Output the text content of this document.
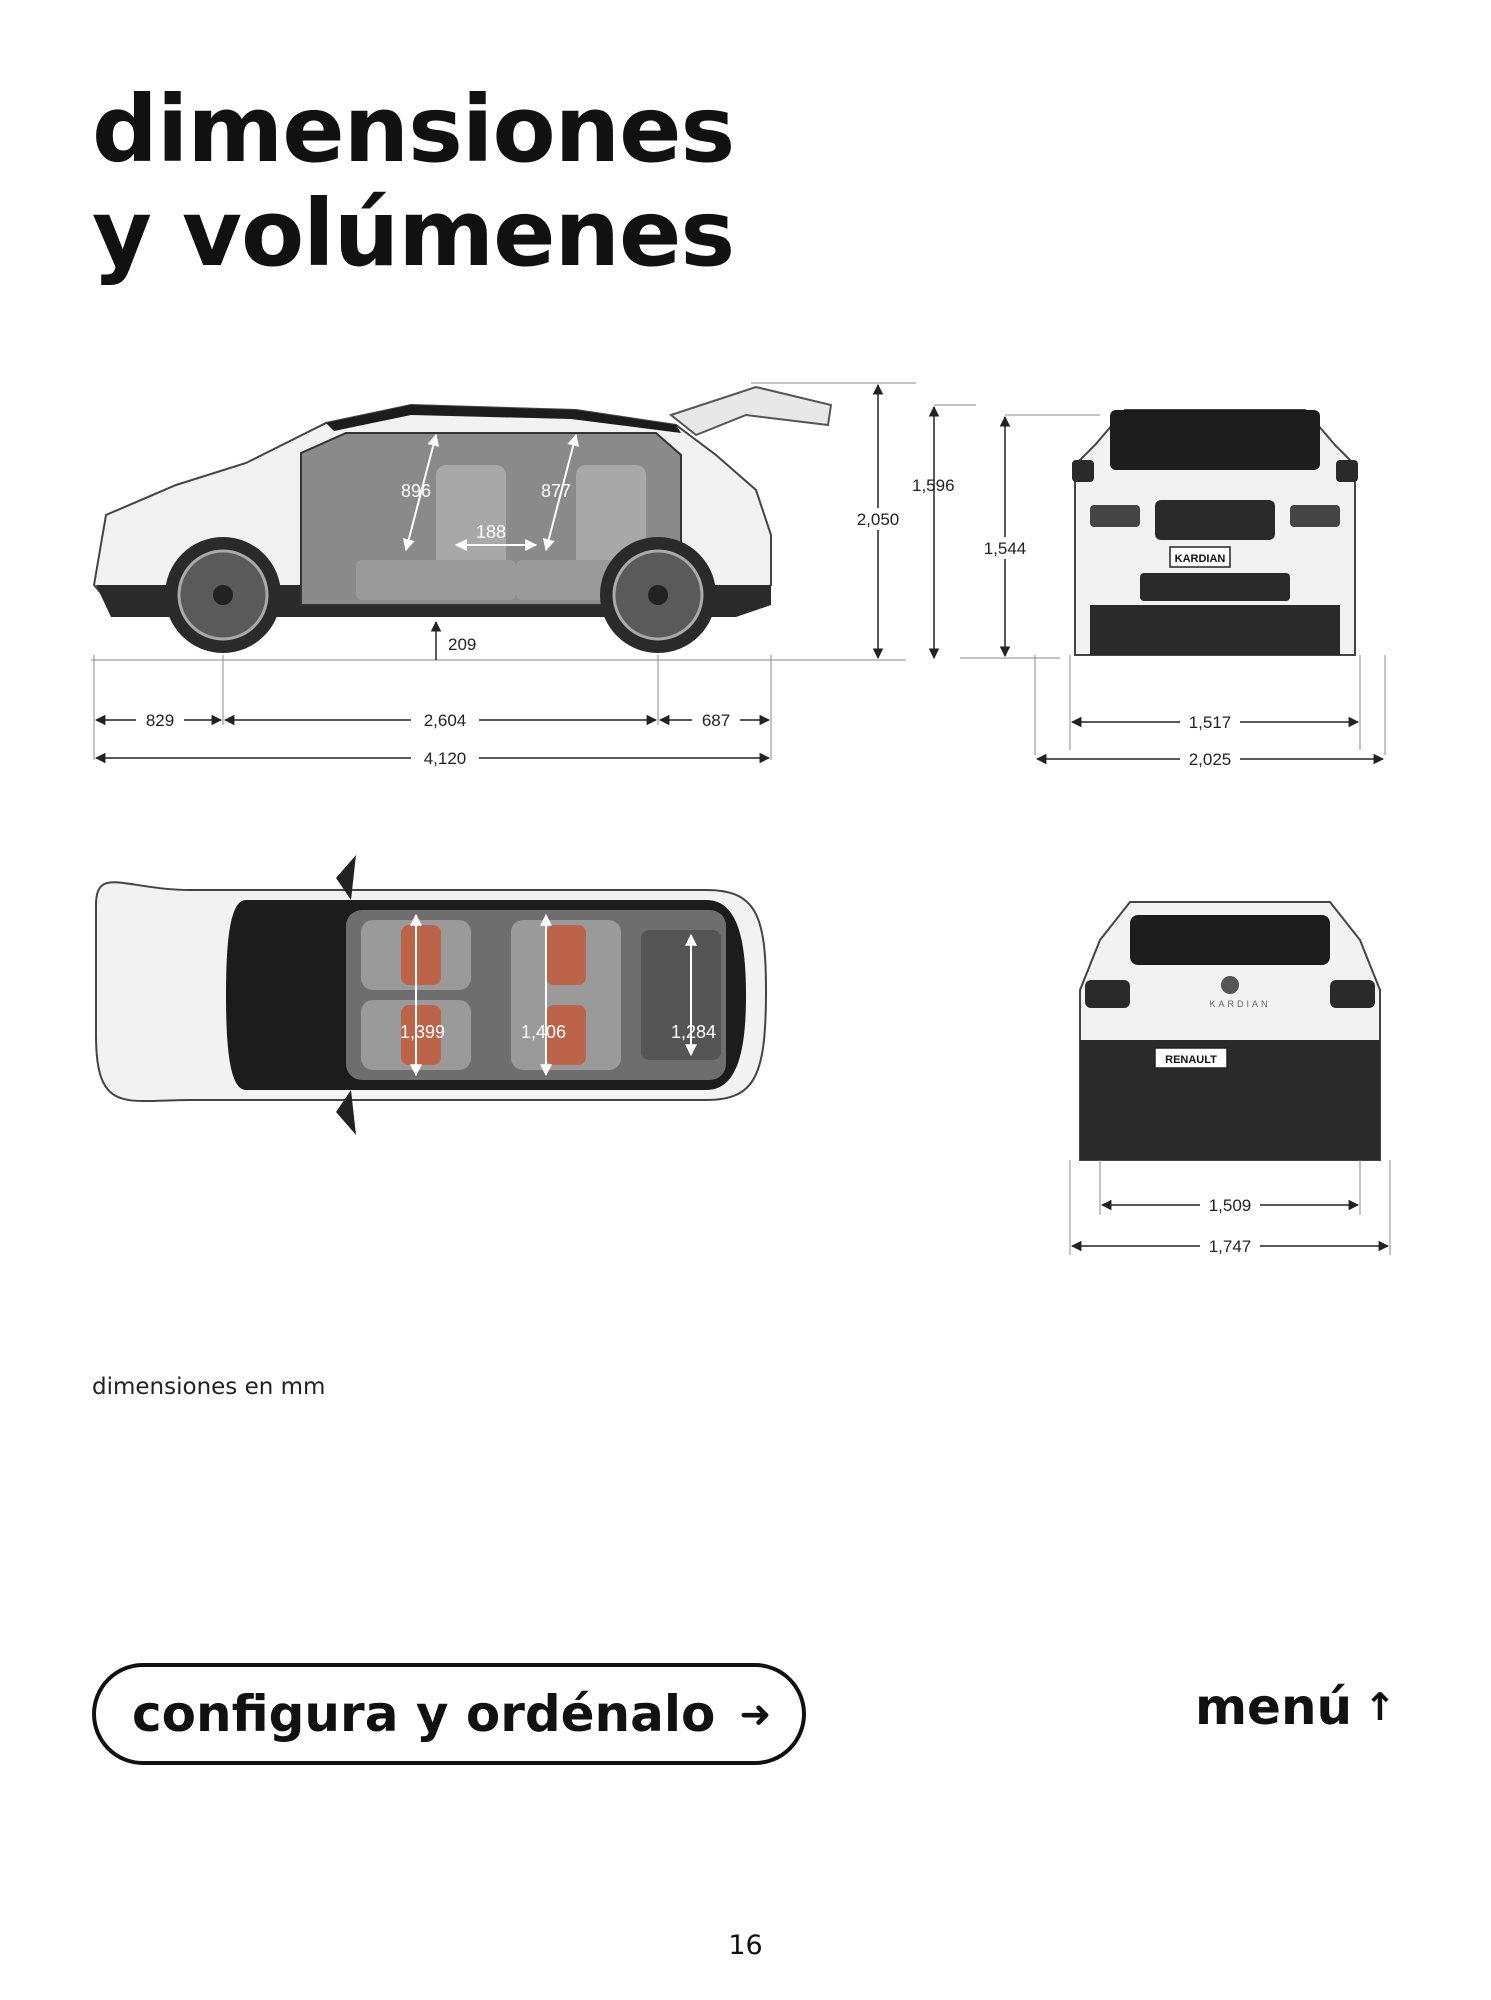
dimensiones
y volúmenes
896	877
188
209
829	2,604	687
4,120
2,050
1,596
1,399	1,406	1,284
1,544
KARDIAN
1,517
2,025
KARDIAN
RENAULT
1,509
1,747
dimensiones en mm
configura y ordénalo ➜	menú ↑
16
